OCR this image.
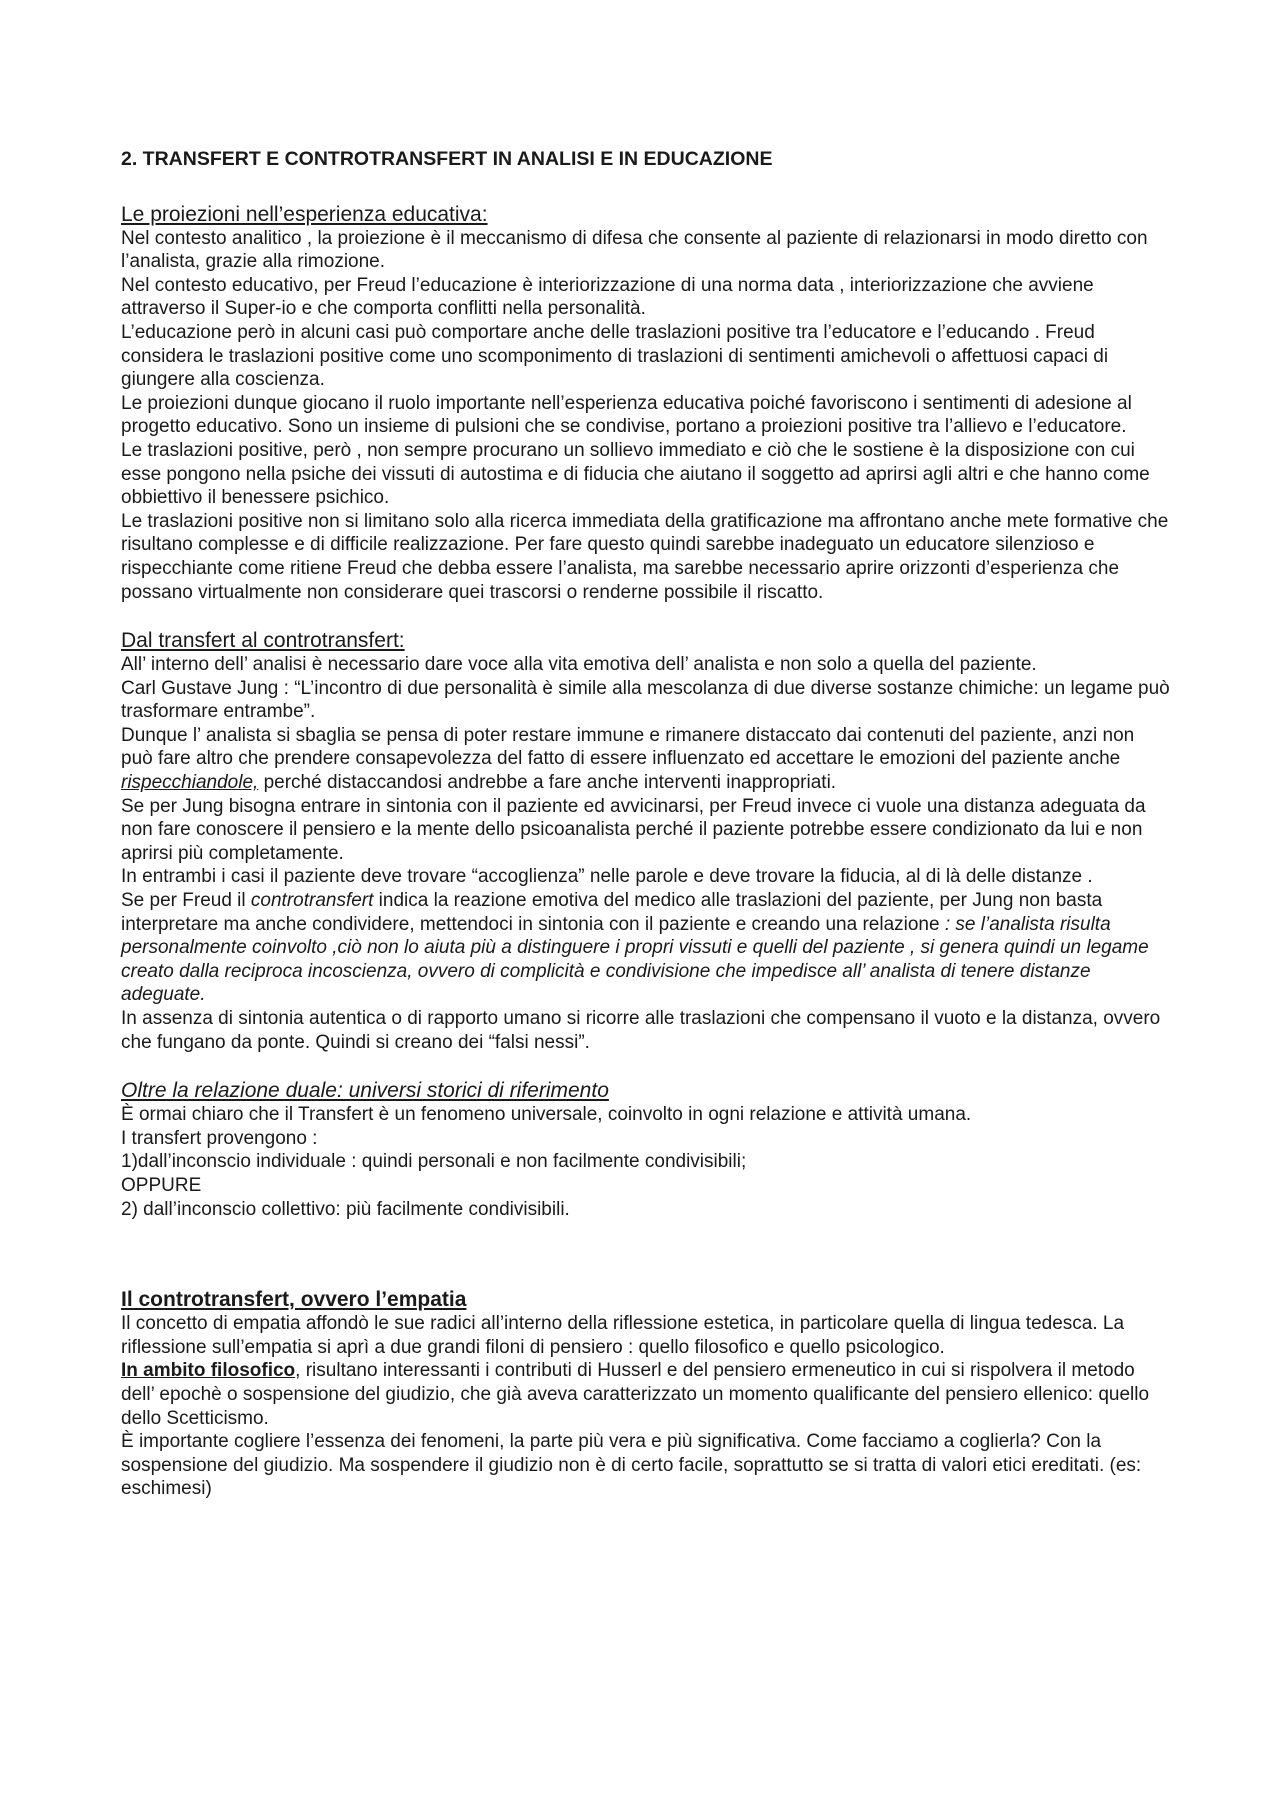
2. TRANSFERT E CONTROTRANSFERT IN ANALISI E IN EDUCAZIONE

Le proiezioni nell’esperienza educativa:

Nel contesto analitico , la proiezione è il meccanismo di difesa che consente al paziente di relazionarsi in modo diretto con l’analista, grazie alla rimozione.

Nel contesto educativo, per Freud l’educazione è interiorizzazione di una norma data , interiorizzazione che avviene attraverso il Super-io e che comporta conflitti nella personalità.

L’educazione però in alcuni casi può comportare anche delle traslazioni positive tra l’educatore e l’educando . Freud considera le traslazioni positive come uno scomponimento di traslazioni di sentimenti amichevoli o affettuosi capaci di giungere alla coscienza.

Le proiezioni dunque giocano il ruolo importante nell’esperienza educativa poiché favoriscono i sentimenti di adesione al progetto educativo. Sono un insieme di pulsioni che se condivise, portano a proiezioni positive tra l’allievo e l’educatore.

Le traslazioni positive, però , non sempre procurano un sollievo immediato e ciò che le sostiene è la disposizione con cui esse pongono nella psiche dei vissuti di autostima e di fiducia che aiutano il soggetto ad aprirsi agli altri e che hanno come obbiettivo il benessere psichico.

Le traslazioni positive non si limitano solo alla ricerca immediata della gratificazione ma affrontano anche mete formative che risultano complesse e di difficile realizzazione. Per fare questo quindi sarebbe inadeguato un educatore silenzioso e rispecchiante come ritiene Freud che debba essere l’analista, ma sarebbe necessario aprire orizzonti d’esperienza che possano virtualmente non considerare quei trascorsi o renderne possibile il riscatto.

Dal transfert al controtransfert:

All’ interno dell’ analisi è necessario dare voce alla vita emotiva dell’ analista e non solo a quella del paziente.

Carl Gustave Jung : “L’incontro di due personalità è simile alla mescolanza di due diverse sostanze chimiche: un legame può trasformare entrambe”.

Dunque l’ analista si sbaglia se pensa di poter restare immune e rimanere distaccato dai contenuti del paziente, anzi non può fare altro che prendere consapevolezza del fatto di essere influenzato ed accettare le emozioni del paziente anche rispecchiandole, perché distaccandosi andrebbe a fare anche interventi inappropriati.

Se per Jung bisogna entrare in sintonia con il paziente ed avvicinarsi, per Freud invece ci vuole una distanza adeguata da non fare conoscere il pensiero e la mente dello psicoanalista perché il paziente potrebbe essere condizionato da lui e non aprirsi più completamente.

In entrambi i casi il paziente deve trovare “accoglienza” nelle parole e deve trovare la fiducia, al di là delle distanze .

Se per Freud il controtransfert indica la reazione emotiva del medico alle traslazioni del paziente, per Jung non basta interpretare ma anche condividere, mettendoci in sintonia con il paziente e creando una relazione : se l’analista risulta personalmente coinvolto ,ciò non lo aiuta più a distinguere i propri vissuti e quelli del paziente , si genera quindi un legame creato dalla reciproca incoscienza, ovvero di complicità e condivisione che impedisce all’ analista di tenere distanze adeguate.

In assenza di sintonia autentica o di rapporto umano si ricorre alle traslazioni che compensano il vuoto e la distanza, ovvero che fungano da ponte. Quindi si creano dei “falsi nessi”.

Oltre la relazione duale: universi storici di riferimento

È ormai chiaro che il Transfert è un fenomeno universale, coinvolto in ogni relazione e attività umana.

I transfert provengono :

1)dall’inconscio individuale : quindi personali e non facilmente condivisibili;

OPPURE

2) dall’inconscio collettivo: più facilmente condivisibili.

Il controtransfert, ovvero l’empatia

Il concetto di empatia affondò le sue radici all’interno della riflessione estetica, in particolare quella di lingua tedesca. La riflessione sull’empatia si aprì a due grandi filoni di pensiero : quello filosofico e quello psicologico.

In ambito filosofico, risultano interessanti i contributi di Husserl e del pensiero ermeneutico in cui si rispolvera il metodo dell’ epochè o sospensione del giudizio, che già aveva caratterizzato un momento qualificante del pensiero ellenico: quello dello Scetticismo.

È importante cogliere l’essenza dei fenomeni, la parte più vera e più significativa. Come facciamo a coglierla? Con la sospensione del giudizio. Ma sospendere il giudizio non è di certo facile, soprattutto se si tratta di valori etici ereditati. (es: eschimesi)
